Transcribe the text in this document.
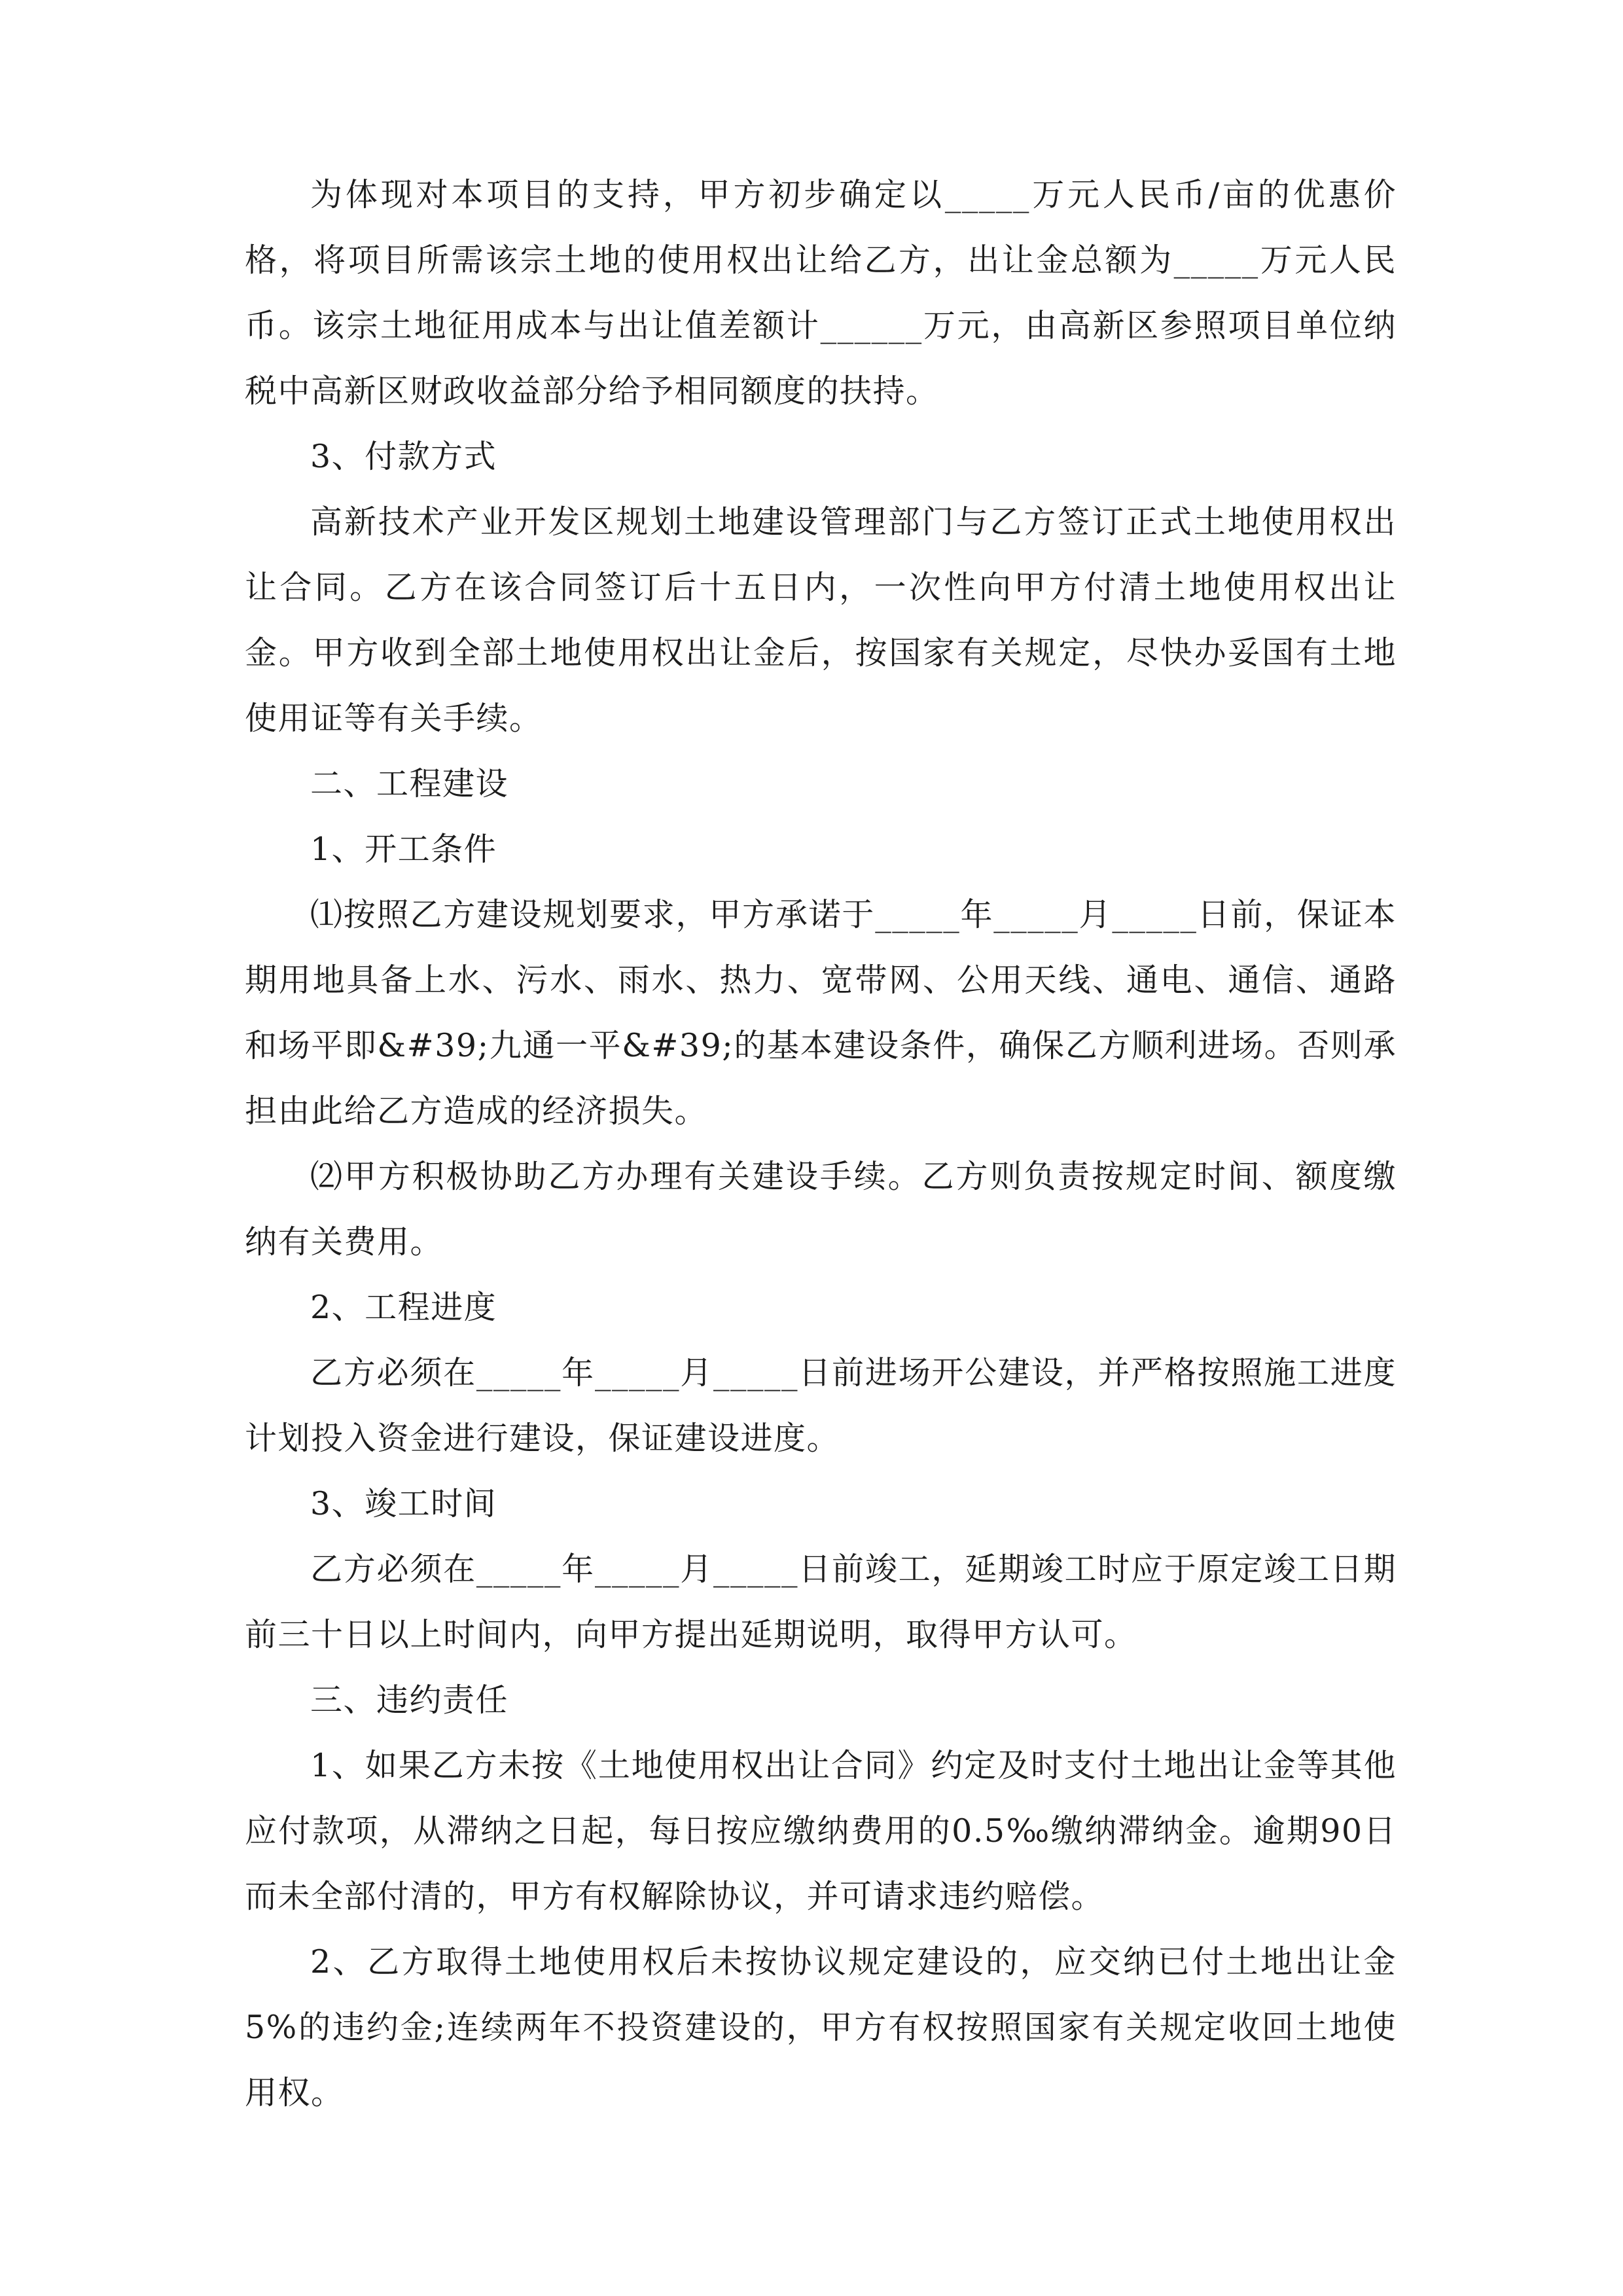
为体现对本项目的支持，甲方初步确定以_____万元人民币/亩的优惠价格，将项目所需该宗土地的使用权出让给乙方，出让金总额为_____万元人民币。该宗土地征用成本与出让值差额计______万元，由高新区参照项目单位纳税中高新区财政收益部分给予相同额度的扶持。

3、付款方式

高新技术产业开发区规划土地建设管理部门与乙方签订正式土地使用权出让合同。乙方在该合同签订后十五日内，一次性向甲方付清土地使用权出让金。甲方收到全部土地使用权出让金后，按国家有关规定，尽快办妥国有土地使用证等有关手续。

二、工程建设

1、开工条件

⑴按照乙方建设规划要求，甲方承诺于_____年_____月_____日前，保证本期用地具备上水、污水、雨水、热力、宽带网、公用天线、通电、通信、通路和场平即&#39;九通一平&#39;的基本建设条件，确保乙方顺利进场。否则承担由此给乙方造成的经济损失。

⑵甲方积极协助乙方办理有关建设手续。乙方则负责按规定时间、额度缴纳有关费用。

2、工程进度

乙方必须在_____年_____月_____日前进场开公建设，并严格按照施工进度计划投入资金进行建设，保证建设进度。

3、竣工时间

乙方必须在_____年_____月_____日前竣工，延期竣工时应于原定竣工日期前三十日以上时间内，向甲方提出延期说明，取得甲方认可。

三、违约责任

1、如果乙方未按《土地使用权出让合同》约定及时支付土地出让金等其他应付款项，从滞纳之日起，每日按应缴纳费用的0.5‰缴纳滞纳金。逾期90日而未全部付清的，甲方有权解除协议，并可请求违约赔偿。

2、乙方取得土地使用权后未按协议规定建设的，应交纳已付土地出让金5%的违约金;连续两年不投资建设的，甲方有权按照国家有关规定收回土地使用权。
